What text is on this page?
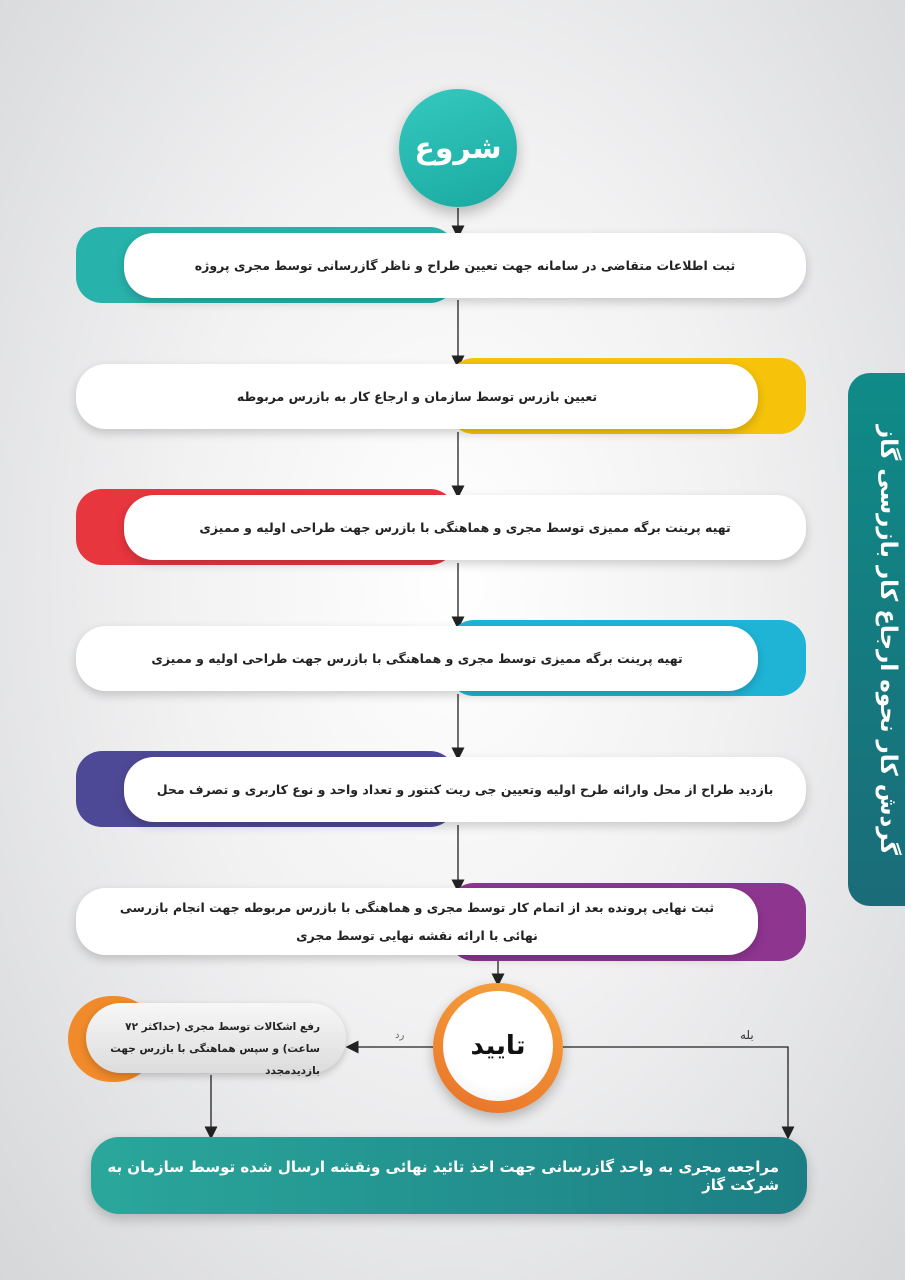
شروع
ثبت اطلاعات متقاضی در سامانه جهت تعیین طراح و ناظر گازرسانی توسط مجری پروژه
تعیین بازرس توسط سازمان و ارجاع کار به بازرس مربوطه
تهیه پرینت برگه ممیزی توسط مجری و هماهنگی با بازرس جهت طراحی اولیه و ممیزی
تهیه پرینت برگه ممیزی توسط مجری و هماهنگی با بازرس جهت طراحی اولیه و ممیزی
بازدید طراح از محل وارائه طرح اولیه وتعیین جی ریت کنتور و تعداد واحد و نوع کاربری و تصرف محل
ثبت نهایی پرونده بعد از اتمام کار توسط مجری و هماهنگی با بازرس مربوطه جهت انجام بازرسی نهائی با ارائه نقشه نهایی توسط مجری
تایید	بله
رد
رفع اشکالات توسط مجری (حداکثر ۷۲ ساعت) و سپس هماهنگی با بازرس جهت بازدیدمجدد
مراجعه مجری به واحد گازرسانی جهت اخذ تائید نهائی ونقشه ارسال شده توسط سازمان به شرکت گاز
گردش کار نحوه ارجاع کار بازرسی گاز
